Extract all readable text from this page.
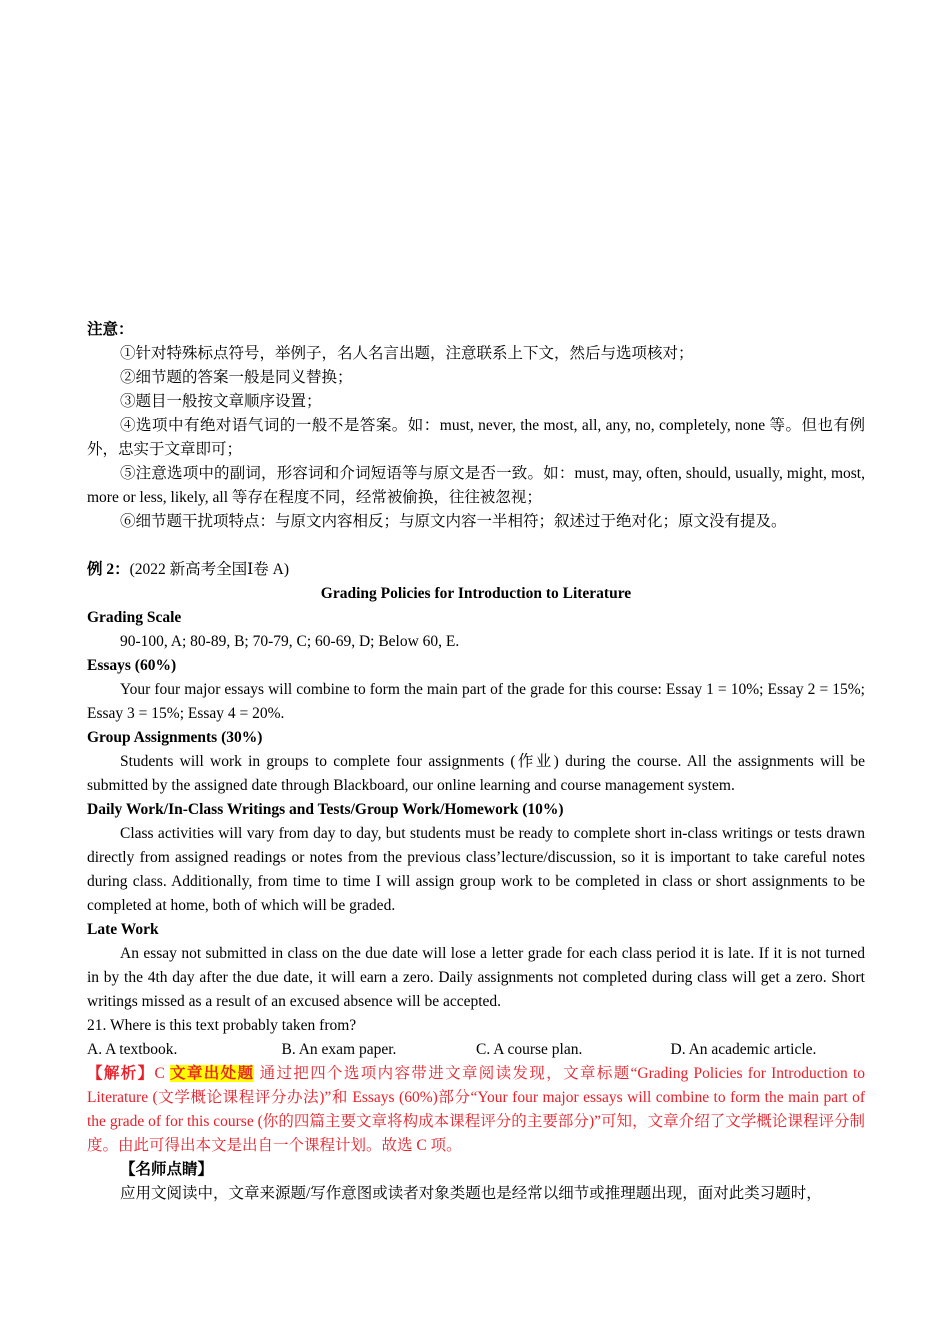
注意：

①针对特殊标点符号，举例子，名人名言出题，注意联系上下文，然后与选项核对；

②细节题的答案一般是同义替换；

③题目一般按文章顺序设置；

④选项中有绝对语气词的一般不是答案。如：must, never, the most, all, any, no, completely, none 等。但也有例外，忠实于文章即可；

⑤注意选项中的副词，形容词和介词短语等与原文是否一致。如：must, may, often, should, usually, might, most, more or less, likely, all 等存在程度不同，经常被偷换，往往被忽视；

⑥细节题干扰项特点：与原文内容相反；与原文内容一半相符；叙述过于绝对化；原文没有提及。

例 2：(2022 新高考全国Ⅰ卷 A)

Grading Policies for Introduction to Literature

Grading Scale

90-100, A; 80-89, B; 70-79, C; 60-69, D; Below 60, E.

Essays (60%)

Your four major essays will combine to form the main part of the grade for this course: Essay 1 = 10%; Essay 2 = 15%; Essay 3 = 15%; Essay 4 = 20%.

Group Assignments (30%)

Students will work in groups to complete four assignments (作业) during the course. All the assignments will be submitted by the assigned date through Blackboard, our online learning and course management system.

Daily Work/In-Class Writings and Tests/Group Work/Homework (10%)

Class activities will vary from day to day, but students must be ready to complete short in-class writings or tests drawn directly from assigned readings or notes from the previous class’lecture/discussion, so it is important to take careful notes during class. Additionally, from time to time I will assign group work to be completed in class or short assignments to be completed at home, both of which will be graded.

Late Work

An essay not submitted in class on the due date will lose a letter grade for each class period it is late. If it is not turned in by the 4th day after the due date, it will earn a zero. Daily assignments not completed during class will get a zero. Short writings missed as a result of an excused absence will be accepted.

21. Where is this text probably taken from?

A. A textbook.	B. An exam paper.	C. A course plan.	D. An academic article.

【解析】C 文章出处题 通过把四个选项内容带进文章阅读发现，文章标题“Grading Policies for Introduction to Literature (文学概论课程评分办法)”和 Essays (60%)部分“Your four major essays will combine to form the main part of the grade of for this course (你的四篇主要文章将构成本课程评分的主要部分)”可知，文章介绍了文学概论课程评分制度。由此可得出本文是出自一个课程计划。故选 C 项。

【名师点睛】

应用文阅读中，文章来源题/写作意图或读者对象类题也是经常以细节或推理题出现，面对此类习题时，
